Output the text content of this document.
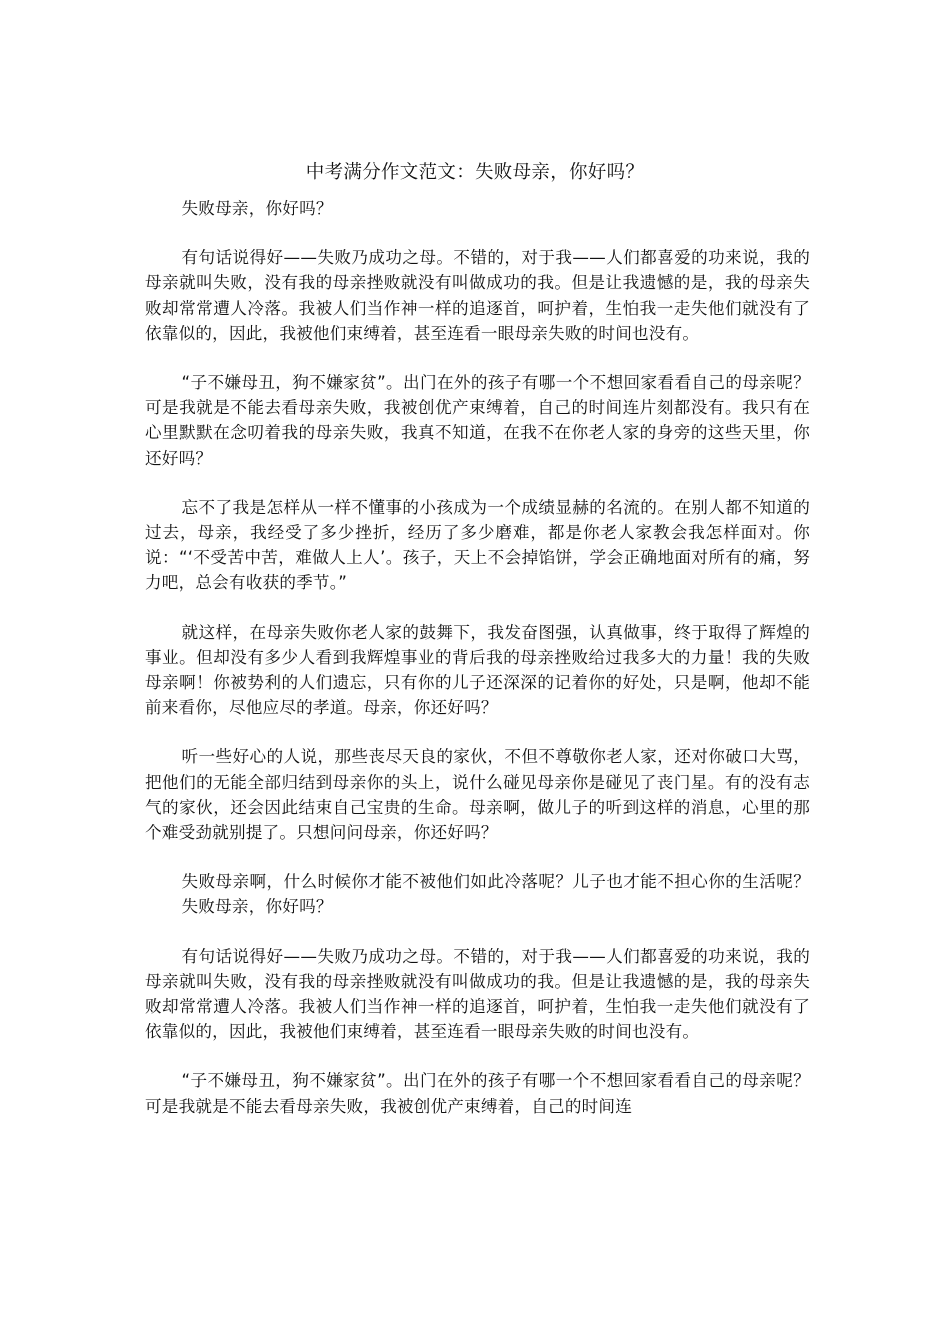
中考满分作文范文：失败母亲，你好吗？

失败母亲，你好吗？

有句话说得好——失败乃成功之母。不错的，对于我——人们都喜爱的功来说，我的母亲就叫失败，没有我的母亲挫败就没有叫做成功的我。但是让我遗憾的是，我的母亲失败却常常遭人冷落。我被人们当作神一样的追逐首，呵护着，生怕我一走失他们就没有了依靠似的，因此，我被他们束缚着，甚至连看一眼母亲失败的时间也没有。

“子不嫌母丑，狗不嫌家贫”。出门在外的孩子有哪一个不想回家看看自己的母亲呢？可是我就是不能去看母亲失败，我被创优产束缚着，自己的时间连片刻都没有。我只有在心里默默在念叨着我的母亲失败，我真不知道，在我不在你老人家的身旁的这些天里，你还好吗？

忘不了我是怎样从一样不懂事的小孩成为一个成绩显赫的名流的。在别人都不知道的过去，母亲，我经受了多少挫折，经历了多少磨难，都是你老人家教会我怎样面对。你说：“‘不受苦中苦，难做人上人’。孩子，天上不会掉馅饼，学会正确地面对所有的痛，努力吧，总会有收获的季节。”

就这样，在母亲失败你老人家的鼓舞下，我发奋图强，认真做事，终于取得了辉煌的事业。但却没有多少人看到我辉煌事业的背后我的母亲挫败给过我多大的力量！我的失败母亲啊！你被势利的人们遗忘，只有你的儿子还深深的记着你的好处，只是啊，他却不能前来看你，尽他应尽的孝道。母亲，你还好吗？

听一些好心的人说，那些丧尽天良的家伙，不但不尊敬你老人家，还对你破口大骂，把他们的无能全部归结到母亲你的头上，说什么碰见母亲你是碰见了丧门星。有的没有志气的家伙，还会因此结束自己宝贵的生命。母亲啊，做儿子的听到这样的消息，心里的那个难受劲就别提了。只想问问母亲，你还好吗？

失败母亲啊，什么时候你才能不被他们如此冷落呢？儿子也才能不担心你的生活呢？失败母亲，你好吗？

有句话说得好——失败乃成功之母。不错的，对于我——人们都喜爱的功来说，我的母亲就叫失败，没有我的母亲挫败就没有叫做成功的我。但是让我遗憾的是，我的母亲失败却常常遭人冷落。我被人们当作神一样的追逐首，呵护着，生怕我一走失他们就没有了依靠似的，因此，我被他们束缚着，甚至连看一眼母亲失败的时间也没有。

“子不嫌母丑，狗不嫌家贫”。出门在外的孩子有哪一个不想回家看看自己的母亲呢？可是我就是不能去看母亲失败，我被创优产束缚着，自己的时间连
